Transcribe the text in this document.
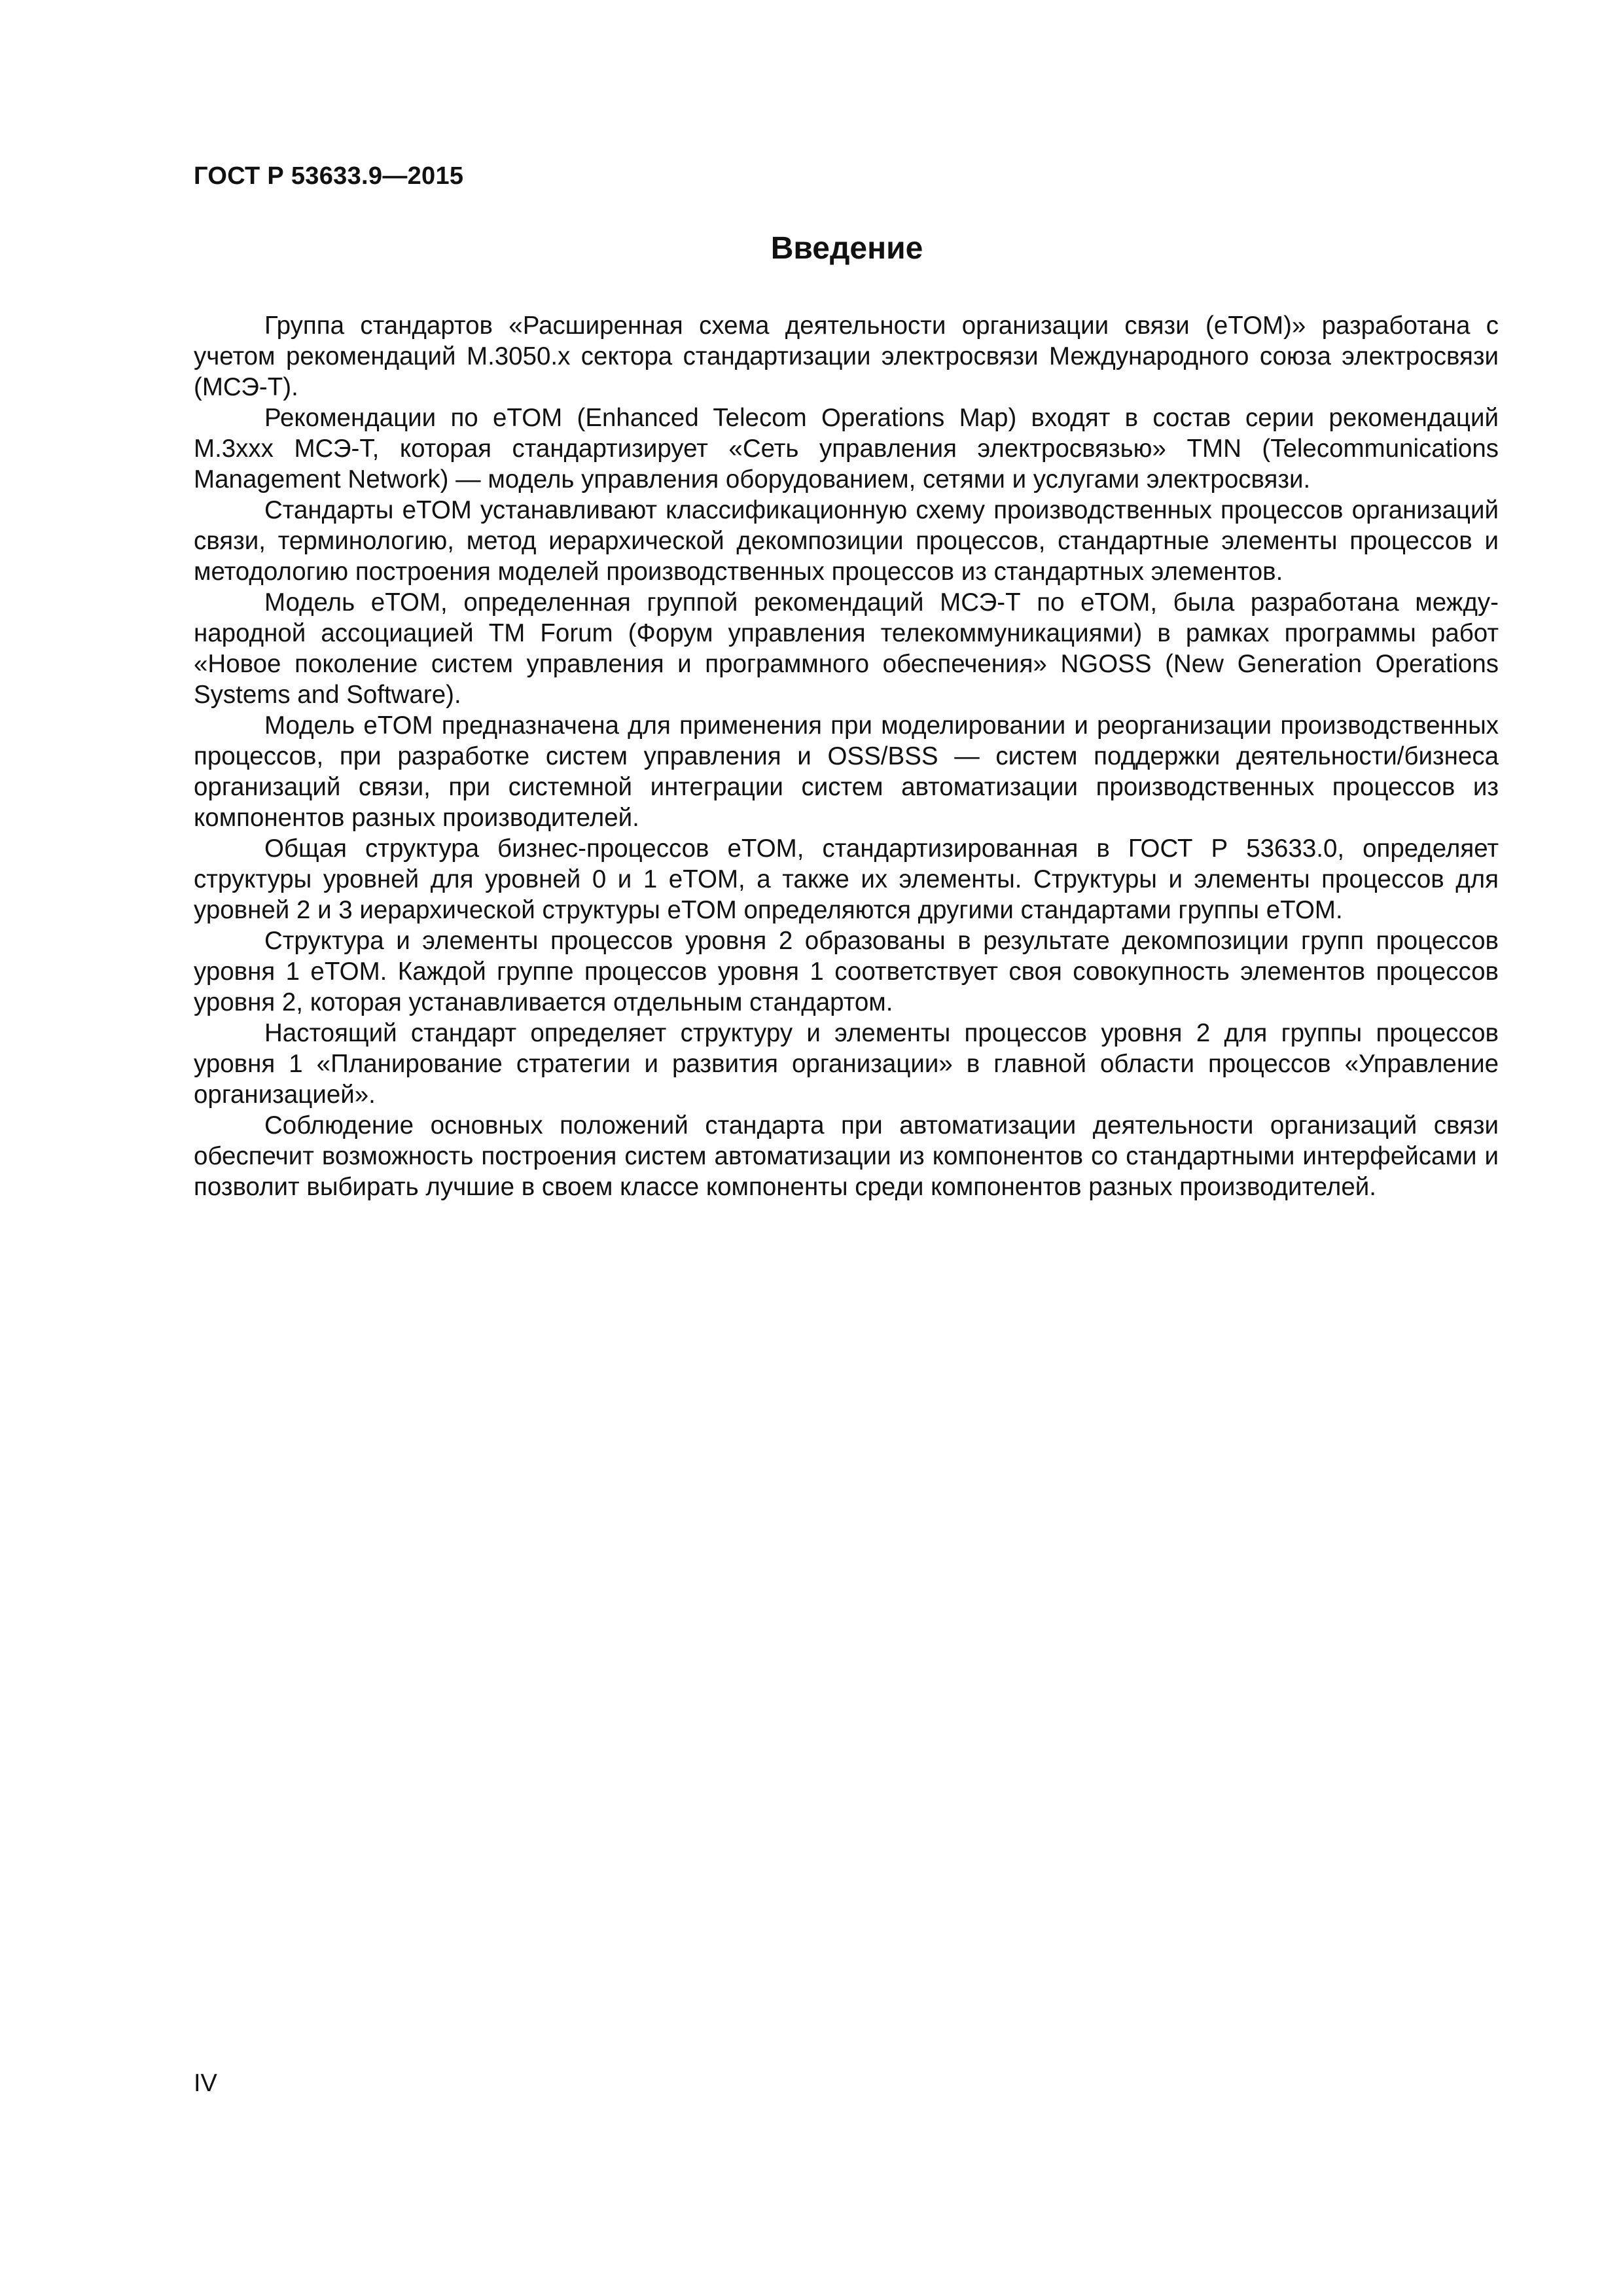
ГОСТ Р 53633.9—2015
Введение

Группа стандартов «Расширенная схема деятельности организации связи (eTOM)» разработана с учетом рекомендаций M.3050.x сектора стандартизации электросвязи Международного союза электросвязи (МСЭ-Т).

Рекомендации по eTOM (Enhanced Telecom Operations Map) входят в состав серии рекомендаций M.3xxx МСЭ-Т, которая стандартизирует «Сеть управления электросвязью» TMN (Telecommunications Management Network) — модель управления оборудованием, сетями и услугами электросвязи.

Стандарты eTOM устанавливают классификационную схему производственных процессов организаций связи, терминологию, метод иерархической декомпозиции процессов, стандартные элементы процессов и методологию построения моделей производственных процессов из стандартных элементов.

Модель eTOM, определенная группой рекомендаций МСЭ-Т по eTOM, была разработана международной ассоциацией TM Forum (Форум управления телекоммуникациями) в рамках программы работ «Новое поколение систем управления и программного обеспечения» NGOSS (New Generation Operations Systems and Software).

Модель eTOM предназначена для применения при моделировании и реорганизации производственных процессов, при разработке систем управления и OSS/BSS — систем поддержки деятельности/бизнеса организаций связи, при системной интеграции систем автоматизации производственных процессов из компонентов разных производителей.

Общая структура бизнес-процессов eTOM, стандартизированная в ГОСТ Р 53633.0, определяет структуры уровней для уровней 0 и 1 eTOM, а также их элементы. Структуры и элементы процессов для уровней 2 и 3 иерархической структуры eTOM определяются другими стандартами группы eTOM.

Структура и элементы процессов уровня 2 образованы в результате декомпозиции групп процессов уровня 1 eTOM. Каждой группе процессов уровня 1 соответствует своя совокупность элементов процессов уровня 2, которая устанавливается отдельным стандартом.

Настоящий стандарт определяет структуру и элементы процессов уровня 2 для группы процессов уровня 1 «Планирование стратегии и развития организации» в главной области процессов «Управление организацией».

Соблюдение основных положений стандарта при автоматизации деятельности организаций связи обеспечит возможность построения систем автоматизации из компонентов со стандартными интерфейсами и позволит выбирать лучшие в своем классе компоненты среди компонентов разных производителей.

IV
